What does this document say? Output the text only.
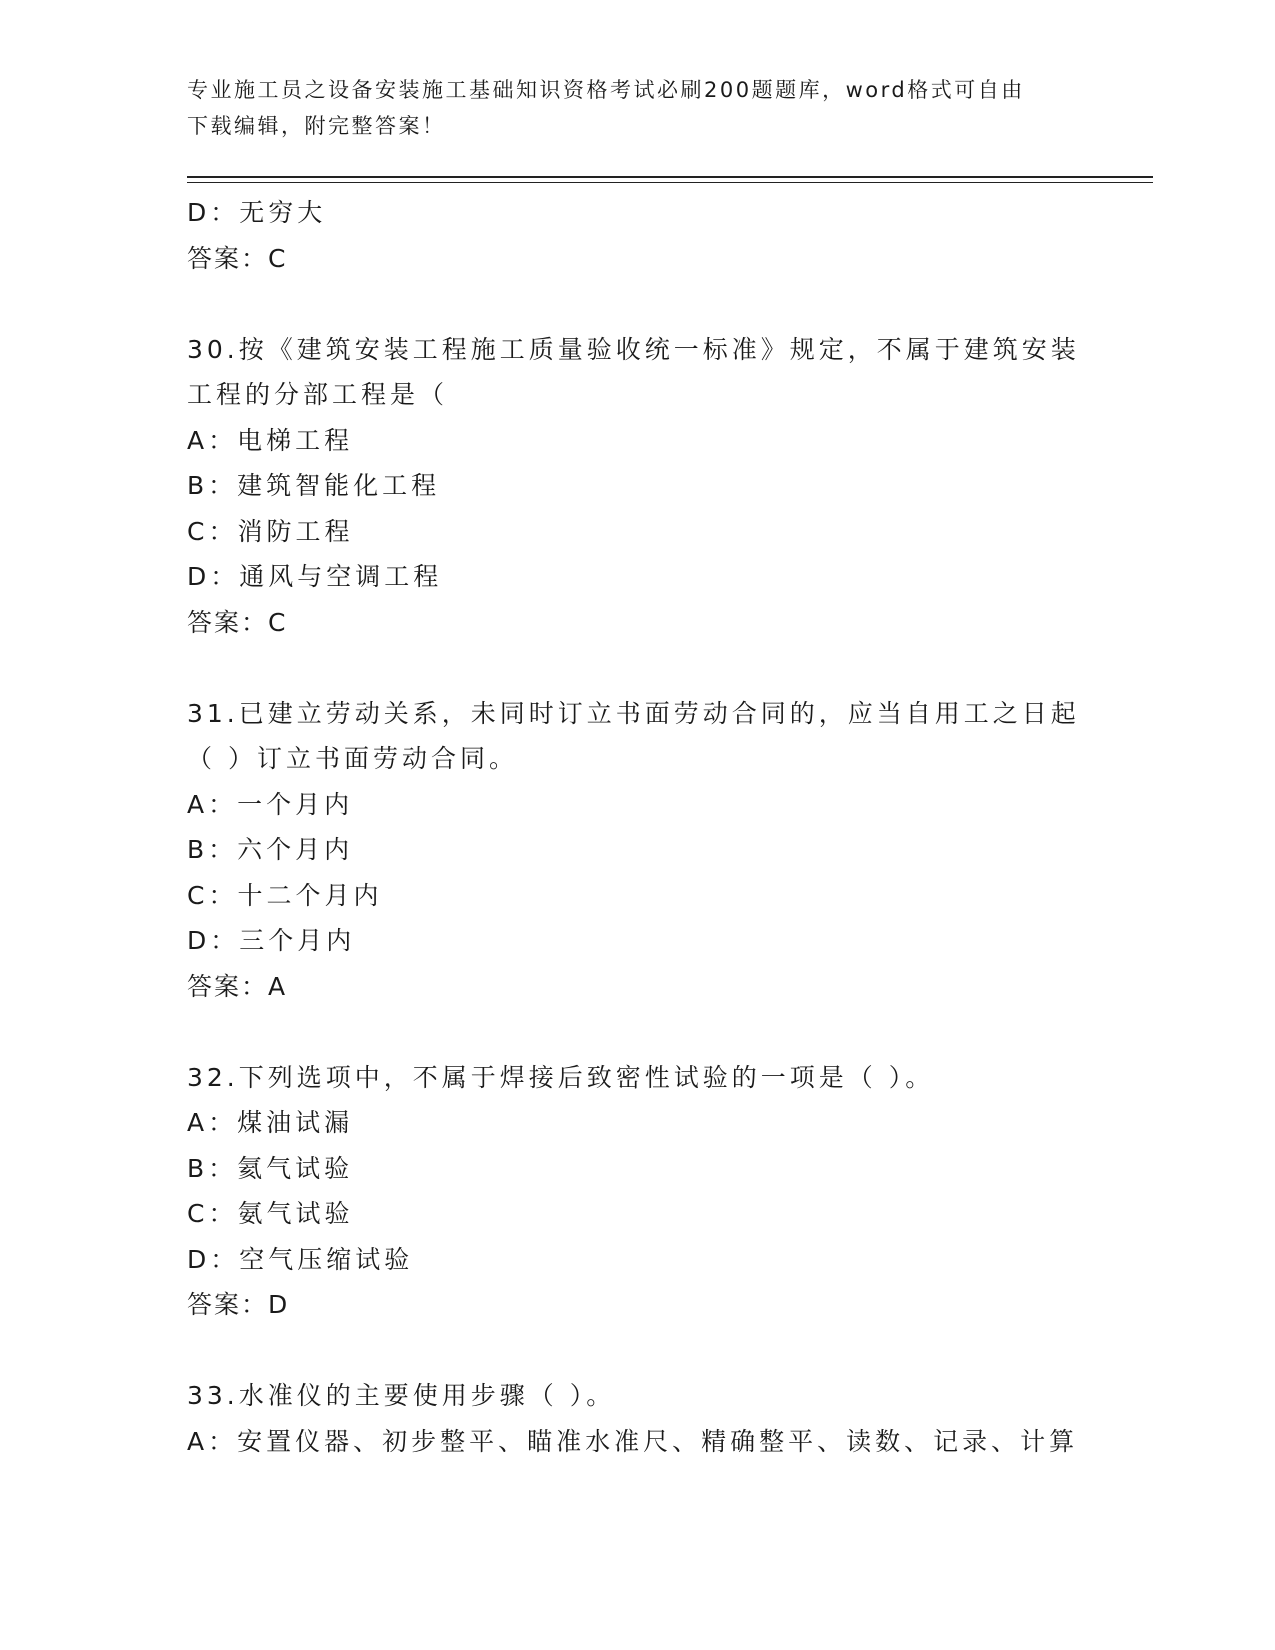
专业施工员之设备安装施工基础知识资格考试必刷200题题库，word格式可自由
下载编辑，附完整答案！
D：无穷大
答案：C
30.按《建筑安装工程施工质量验收统一标准》规定，不属于建筑安装
工程的分部工程是（
A：电梯工程
B：建筑智能化工程
C：消防工程
D：通风与空调工程
答案：C
31.已建立劳动关系，未同时订立书面劳动合同的，应当自用工之日起
（ ）订立书面劳动合同。
A：一个月内
B：六个月内
C：十二个月内
D：三个月内
答案：A
32.下列选项中，不属于焊接后致密性试验的一项是（ ）。
A：煤油试漏
B：氦气试验
C：氨气试验
D：空气压缩试验
答案：D
33.水准仪的主要使用步骤（ ）。
A：安置仪器、初步整平、瞄准水准尺、精确整平、读数、记录、计算
